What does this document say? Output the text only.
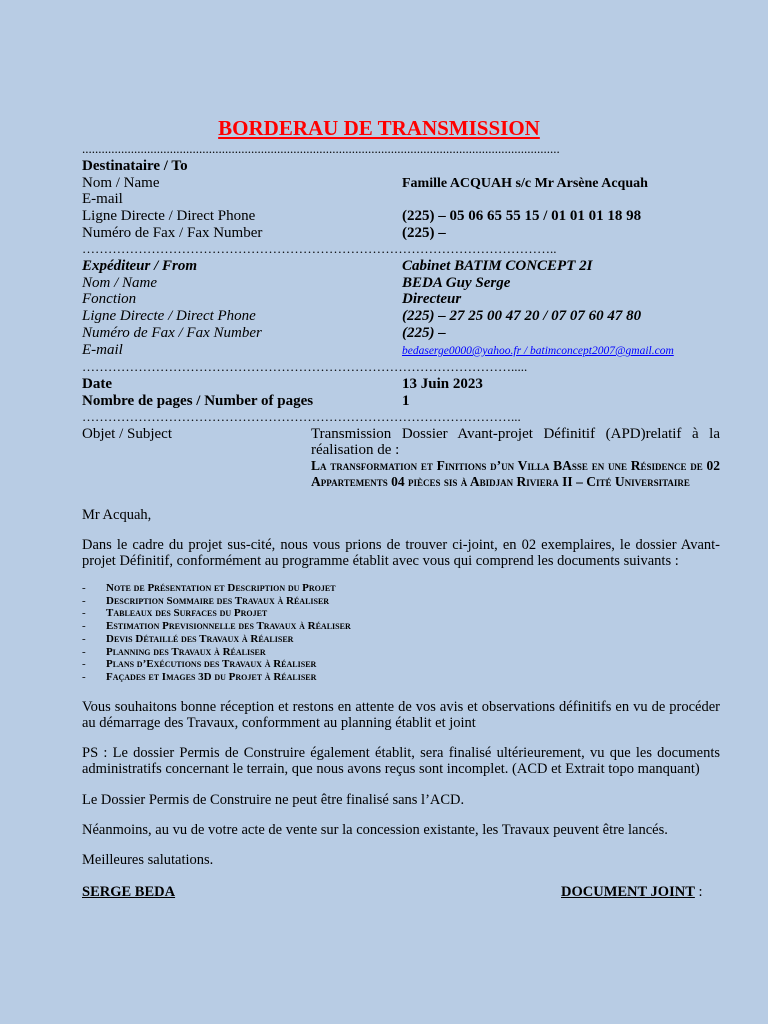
BORDERAU DE TRANSMISSION
...................................................................................................................................................
Destinataire / To
Nom / Name	Famille ACQUAH s/c Mr Arsène Acquah
E-mail
Ligne Directe / Direct Phone	(225) – 05 06 65 55 15 / 01 01 01 18 98
Numéro de Fax / Fax Number	(225) –
………………………………………………………………………………………………..
Expéditeur / From	Cabinet BATIM CONCEPT 2I
Nom / Name	BEDA Guy Serge
Fonction	Directeur
Ligne Directe / Direct Phone	(225) – 27 25 00 47 20 / 07 07 60 47 80
Numéro de Fax / Fax Number	(225) –
E-mail	bedaserge0000@yahoo.fr / batimconcept2007@gmail.com
……………………………………………………………………………………….....
Date	13 Juin 2023
Nombre de pages / Number of pages	1
………………………………………………………………………………………...
Objet / Subject	Transmission Dossier Avant-projet Définitif (APD)relatif à la réalisation de :
La transformation et Finitions d’un Villa BAsse en une Résidence de 02 Appartements 04 pièces sis à Abidjan Riviera II – Cité Universitaire
Mr Acquah,
Dans le cadre du projet sus-cité, nous vous prions de trouver ci-joint, en 02 exemplaires, le dossier Avant-projet Définitif, conformément au programme établit avec vous qui comprend les documents suivants :
-	Note de Présentation et Description du Projet
-	Description Sommaire des Travaux à Réaliser
-	Tableaux des Surfaces du Projet
-	Estimation Previsionnelle des Travaux à Réaliser
-	Devis Détaillé des Travaux à Réaliser
-	Planning des Travaux à Réaliser
-	Plans d’Exécutions des Travaux à Réaliser
-	Façades et Images 3D du Projet à Réaliser
Vous souhaitons bonne réception et restons en attente de vos avis et observations définitifs en vu de procéder au démarrage des Travaux, conformment au planning établit et joint
PS : Le dossier Permis de Construire également établit, sera finalisé ultérieurement, vu que les documents administratifs concernant le terrain, que nous avons reçus sont incomplet. (ACD et Extrait topo manquant)
Le Dossier Permis de Construire ne peut être finalisé sans l’ACD.
Néanmoins, au vu de votre acte de vente sur la concession existante, les Travaux peuvent être lancés.
Meilleures salutations.
SERGE BEDA	DOCUMENT JOINT :
